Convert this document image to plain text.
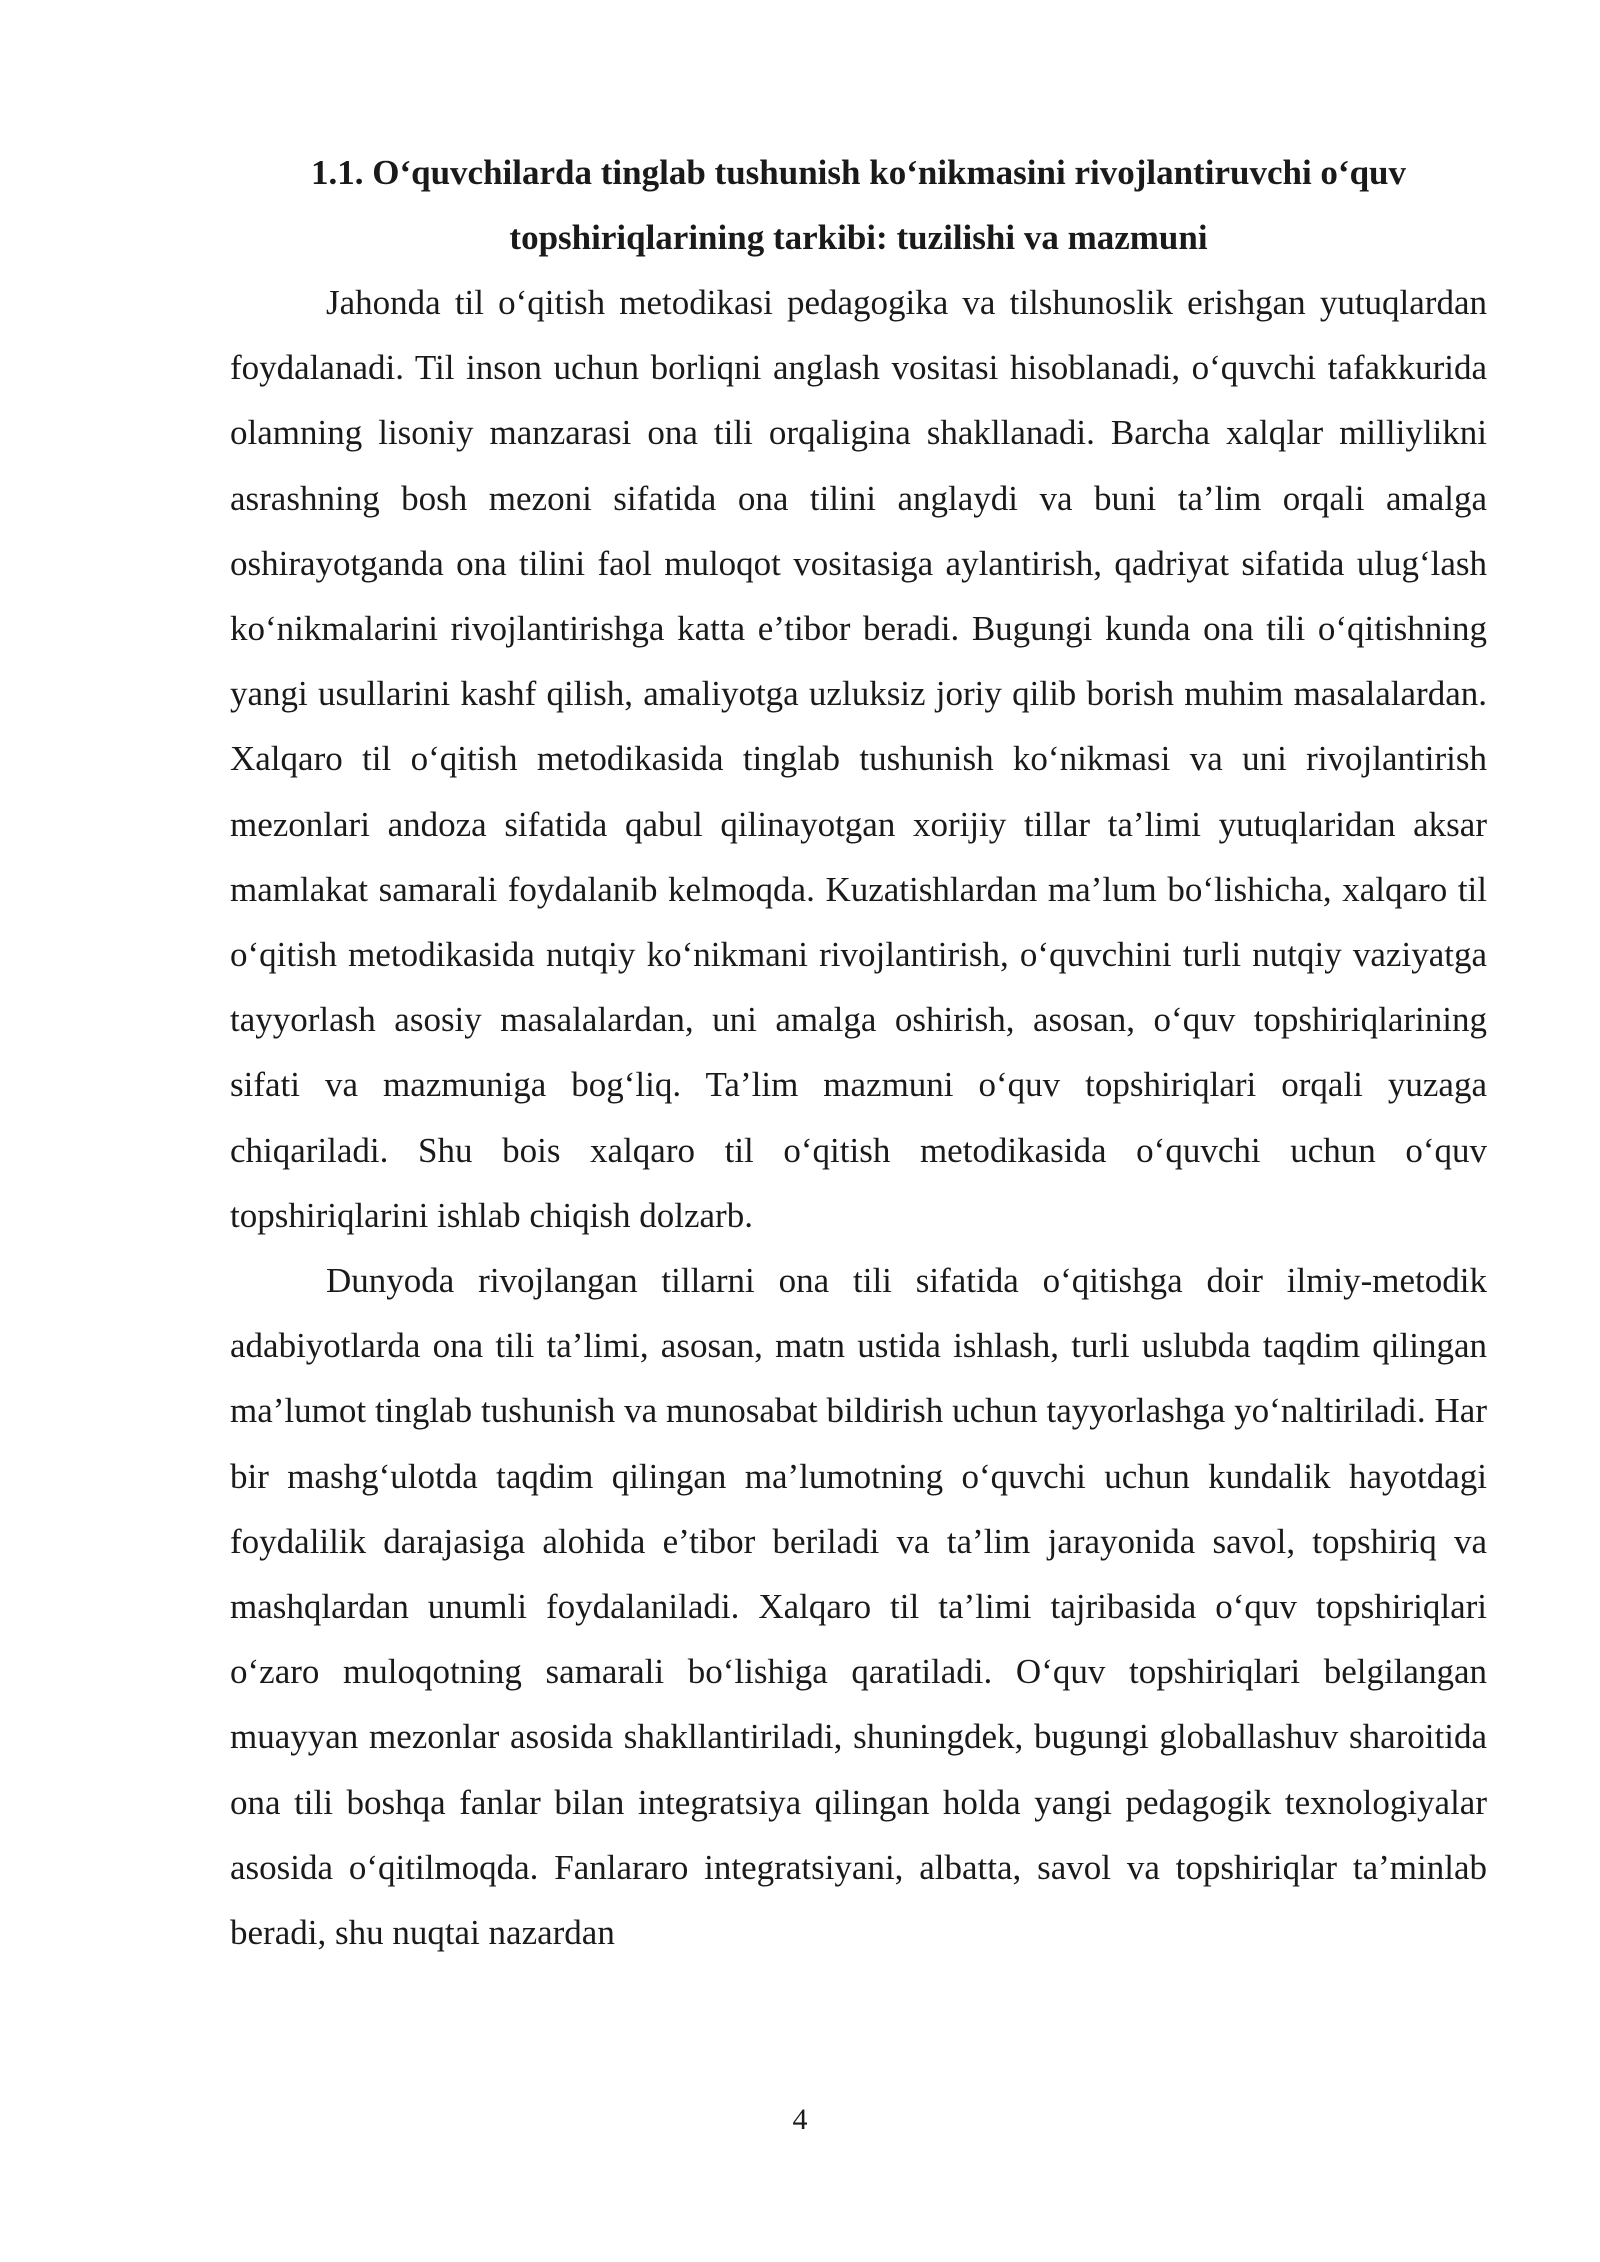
1.1. Oʻquvchilarda tinglab tushunish koʻnikmasini rivojlantiruvchi oʻquv
topshiriqlarining tarkibi: tuzilishi va mazmuni

Jahonda til oʻqitish metodikasi pedagogika va tilshunoslik erishgan yutuqlardan foydalanadi. Til inson uchun borliqni anglash vositasi hisoblanadi, oʻquvchi tafakkurida olamning lisoniy manzarasi ona tili orqaligina shakllanadi. Barcha xalqlar milliylikni asrashning bosh mezoni sifatida ona tilini anglaydi va buni ta’lim orqali amalga oshirayotganda ona tilini faol muloqot vositasiga aylantirish, qadriyat sifatida ulugʻlash koʻnikmalarini rivojlantirishga katta e’tibor beradi. Bugungi kunda ona tili oʻqitishning yangi usullarini kashf qilish, amaliyotga uzluksiz joriy qilib borish muhim masalalardan. Xalqaro til oʻqitish metodikasida tinglab tushunish koʻnikmasi va uni rivojlantirish mezonlari andoza sifatida qabul qilinayotgan xorijiy tillar ta’limi yutuqlaridan aksar mamlakat samarali foydalanib kelmoqda. Kuzatishlardan ma’lum boʻlishicha, xalqaro til oʻqitish metodikasida nutqiy koʻnikmani rivojlantirish, oʻquvchini turli nutqiy vaziyatga tayyorlash asosiy masalalardan, uni amalga oshirish, asosan, oʻquv topshiriqlarining sifati va mazmuniga bogʻliq. Ta’lim mazmuni oʻquv topshiriqlari orqali yuzaga chiqariladi. Shu bois xalqaro til oʻqitish metodikasida oʻquvchi uchun oʻquv topshiriqlarini ishlab chiqish dolzarb.

Dunyoda rivojlangan tillarni ona tili sifatida oʻqitishga doir ilmiy-metodik adabiyotlarda ona tili ta’limi, asosan, matn ustida ishlash, turli uslubda taqdim qilingan ma’lumot tinglab tushunish va munosabat bildirish uchun tayyorlashga yoʻnaltiriladi. Har bir mashgʻulotda taqdim qilingan ma’lumotning oʻquvchi uchun kundalik hayotdagi foydalilik darajasiga alohida e’tibor beriladi va ta’lim jarayonida savol, topshiriq va mashqlardan unumli foydalaniladi. Xalqaro til ta’limi tajribasida oʻquv topshiriqlari oʻzaro muloqotning samarali boʻlishiga qaratiladi. Oʻquv topshiriqlari belgilangan muayyan mezonlar asosida shakllantiriladi, shuningdek, bugungi globallashuv sharoitida ona tili boshqa fanlar bilan integratsiya qilingan holda yangi pedagogik texnologiyalar asosida oʻqitilmoqda. Fanlararo integratsiyani, albatta, savol va topshiriqlar ta’minlab beradi, shu nuqtai nazardan

4
